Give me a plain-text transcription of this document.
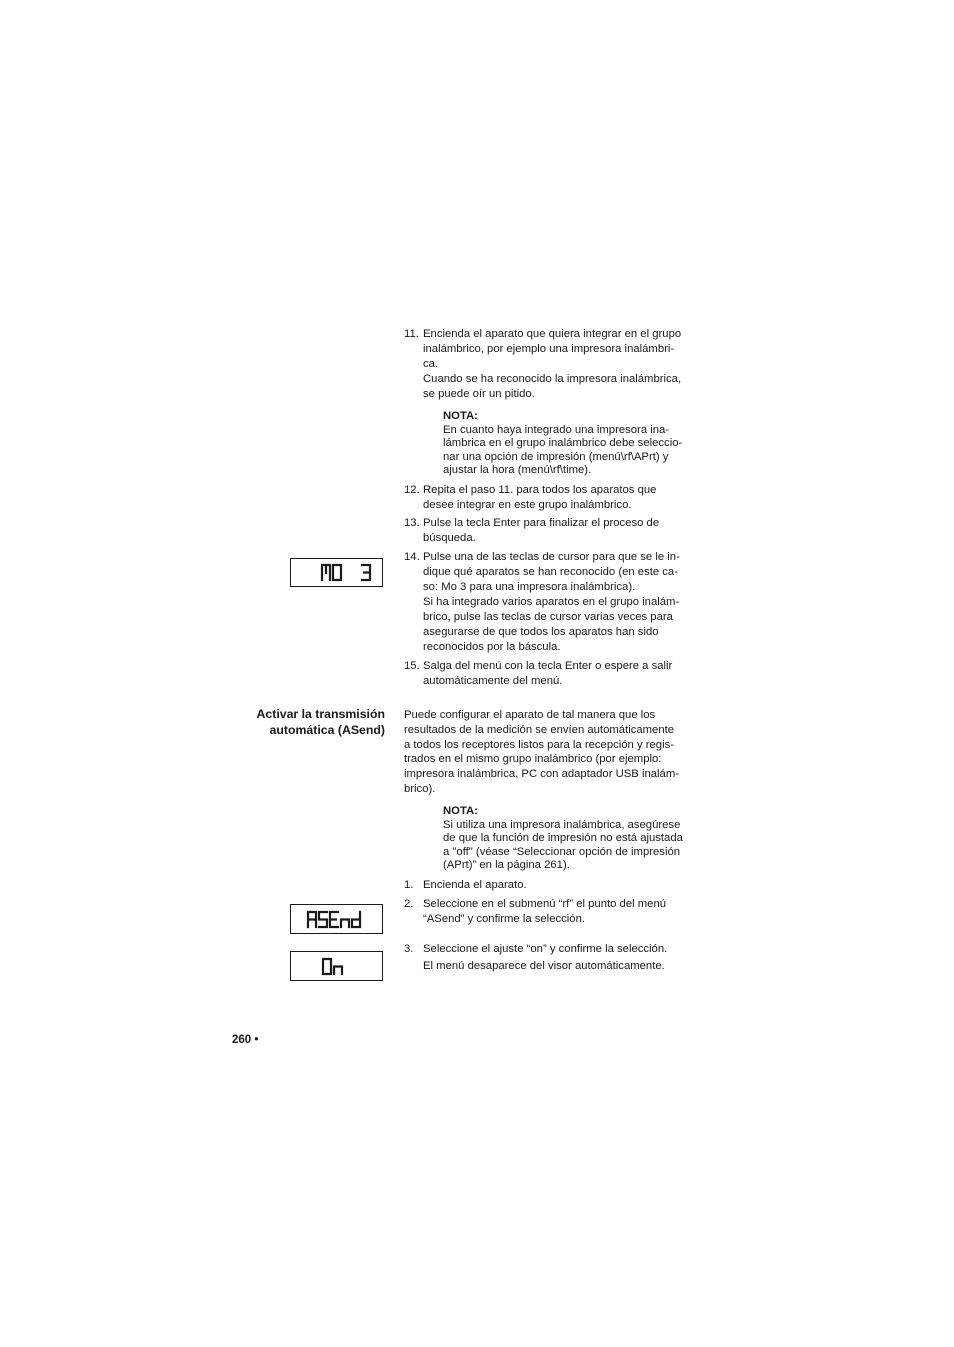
11. Encienda el aparato que quiera integrar en el grupo
inalámbrico, por ejemplo una impresora inalámbri-
ca.

Cuando se ha reconocido la impresora inalámbrica,
se puede oír un pitido.

NOTA:

En cuanto haya integrado una impresora ina-
lámbrica en el grupo inalámbrico debe seleccio-
nar una opción de impresión (menú\rf\APrt) y
ajustar la hora (menú\rf\time).

12. Repita el paso 11. para todos los aparatos que
desee integrar en este grupo inalámbrico.

13. Pulse la tecla Enter para finalizar el proceso de
búsqueda.

14. Pulse una de las teclas de cursor para que se le in-
dique qué aparatos se han reconocido (en este ca-
so: Mo 3 para una impresora inalámbrica).

Si ha integrado varios aparatos en el grupo inalám-
brico, pulse las teclas de cursor varias veces para
asegurarse de que todos los aparatos han sido
reconocidos por la báscula.

15. Salga del menú con la tecla Enter o espere a salir
automáticamente del menú.

MO 3
Activar la transmisión
automática (ASend)
Puede configurar el aparato de tal manera que los
resultados de la medición se envíen automáticamente
a todos los receptores listos para la recepción y regis-
trados en el mismo grupo inalámbrico (por ejemplo:
impresora inalámbrica, PC con adaptador USB inalám-
brico).

NOTA:

Si utiliza una impresora inalámbrica, asegúrese
de que la función de impresión no está ajustada
a "off" (véase “Seleccionar opción de impresión
(APrt)” en la página 261).

1. Encienda el aparato.

2. Seleccione en el submenú “rf” el punto del menú
“ASend” y confirme la selección.

3. Seleccione el ajuste “on” y confirme la selección.

El menú desaparece del visor automáticamente.

ASEnd
On
260 •
